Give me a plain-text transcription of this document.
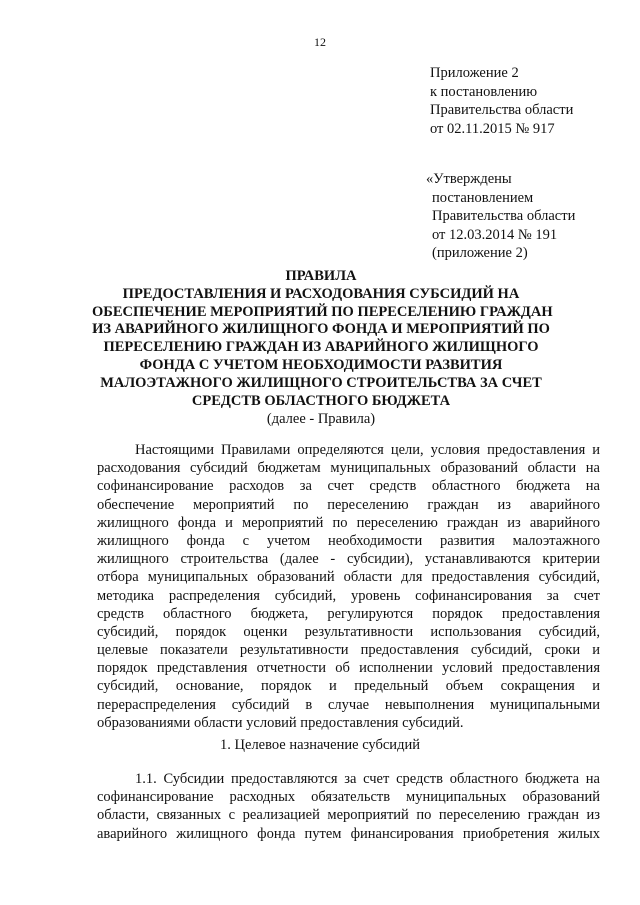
12
Приложение 2
к постановлению
Правительства области
от 02.11.2015 № 917
«Утверждены
постановлением
Правительства области
от 12.03.2014 № 191
(приложение 2)
ПРАВИЛА
ПРЕДОСТАВЛЕНИЯ И РАСХОДОВАНИЯ СУБСИДИЙ НА
ОБЕСПЕЧЕНИЕ МЕРОПРИЯТИЙ ПО ПЕРЕСЕЛЕНИЮ ГРАЖДАН
ИЗ АВАРИЙНОГО ЖИЛИЩНОГО ФОНДА И МЕРОПРИЯТИЙ ПО
ПЕРЕСЕЛЕНИЮ ГРАЖДАН ИЗ АВАРИЙНОГО ЖИЛИЩНОГО
ФОНДА С УЧЕТОМ НЕОБХОДИМОСТИ РАЗВИТИЯ
МАЛОЭТАЖНОГО ЖИЛИЩНОГО СТРОИТЕЛЬСТВА ЗА СЧЕТ
СРЕДСТВ ОБЛАСТНОГО БЮДЖЕТА
(далее - Правила)
Настоящими Правилами определяются цели, условия предоставления и
расходования субсидий бюджетам муниципальных образований области на
софинансирование расходов за счет средств областного бюджета на
обеспечение мероприятий по переселению граждан из аварийного
жилищного фонда и мероприятий по переселению граждан из аварийного
жилищного фонда с учетом необходимости развития малоэтажного
жилищного строительства (далее - субсидии), устанавливаются критерии
отбора муниципальных образований области для предоставления субсидий,
методика распределения субсидий, уровень софинансирования за счет
средств областного бюджета, регулируются порядок предоставления
субсидий, порядок оценки результативности использования субсидий,
целевые показатели результативности предоставления субсидий, сроки и
порядок представления отчетности об исполнении условий предоставления
субсидий, основание, порядок и предельный объем сокращения и
перераспределения субсидий в случае невыполнения муниципальными
образованиями области условий предоставления субсидий.
1. Целевое назначение субсидий
1.1. Субсидии предоставляются за счет средств областного бюджета на
софинансирование расходных обязательств муниципальных образований
области, связанных с реализацией мероприятий по переселению граждан из
аварийного жилищного фонда путем финансирования приобретения жилых
